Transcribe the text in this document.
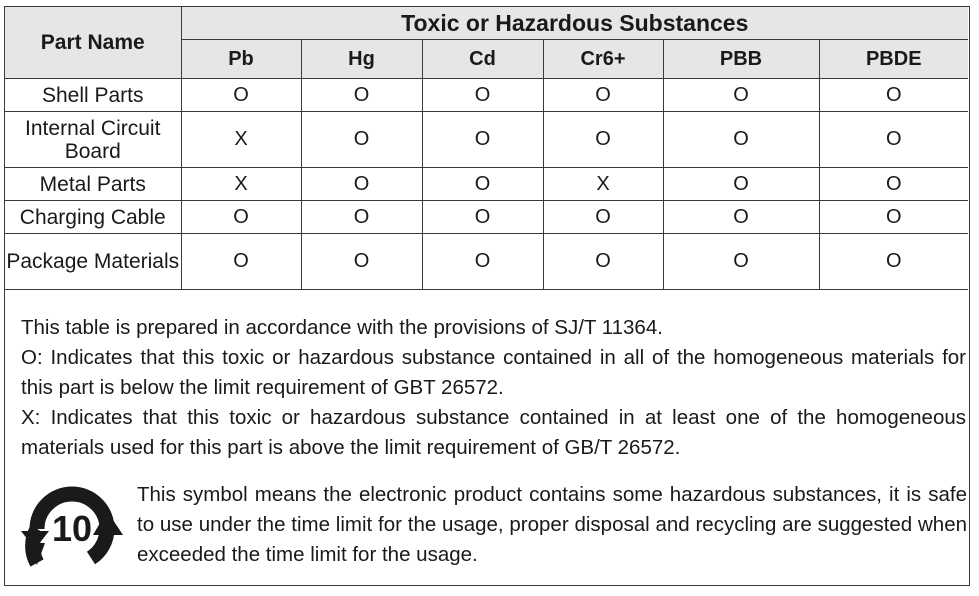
Part Name	Toxic or Hazardous Substances					
	Pb	Hg	Cd	Cr6+	PBB	PBDE
Shell Parts	O	O	O	O	O	O
Internal Circuit Board	X	O	O	O	O	O
Metal Parts	X	O	O	X	O	O
Charging Cable	O	O	O	O	O	O
Package Materials	O	O	O	O	O	O

This table is prepared in accordance with the provisions of SJ/T 11364.

O: Indicates that this toxic or hazardous substance contained in all of the homogeneous materials for this part is below the limit requirement of GBT 26572.

X: Indicates that this toxic or hazardous substance contained in at least one of the homogeneous materials used for this part is above the limit requirement of GB/T 26572.

10
This symbol means the electronic product contains some hazardous substances, it is safe to use under the time limit for the usage, proper disposal and recycling are suggested when exceeded the time limit for the usage.
